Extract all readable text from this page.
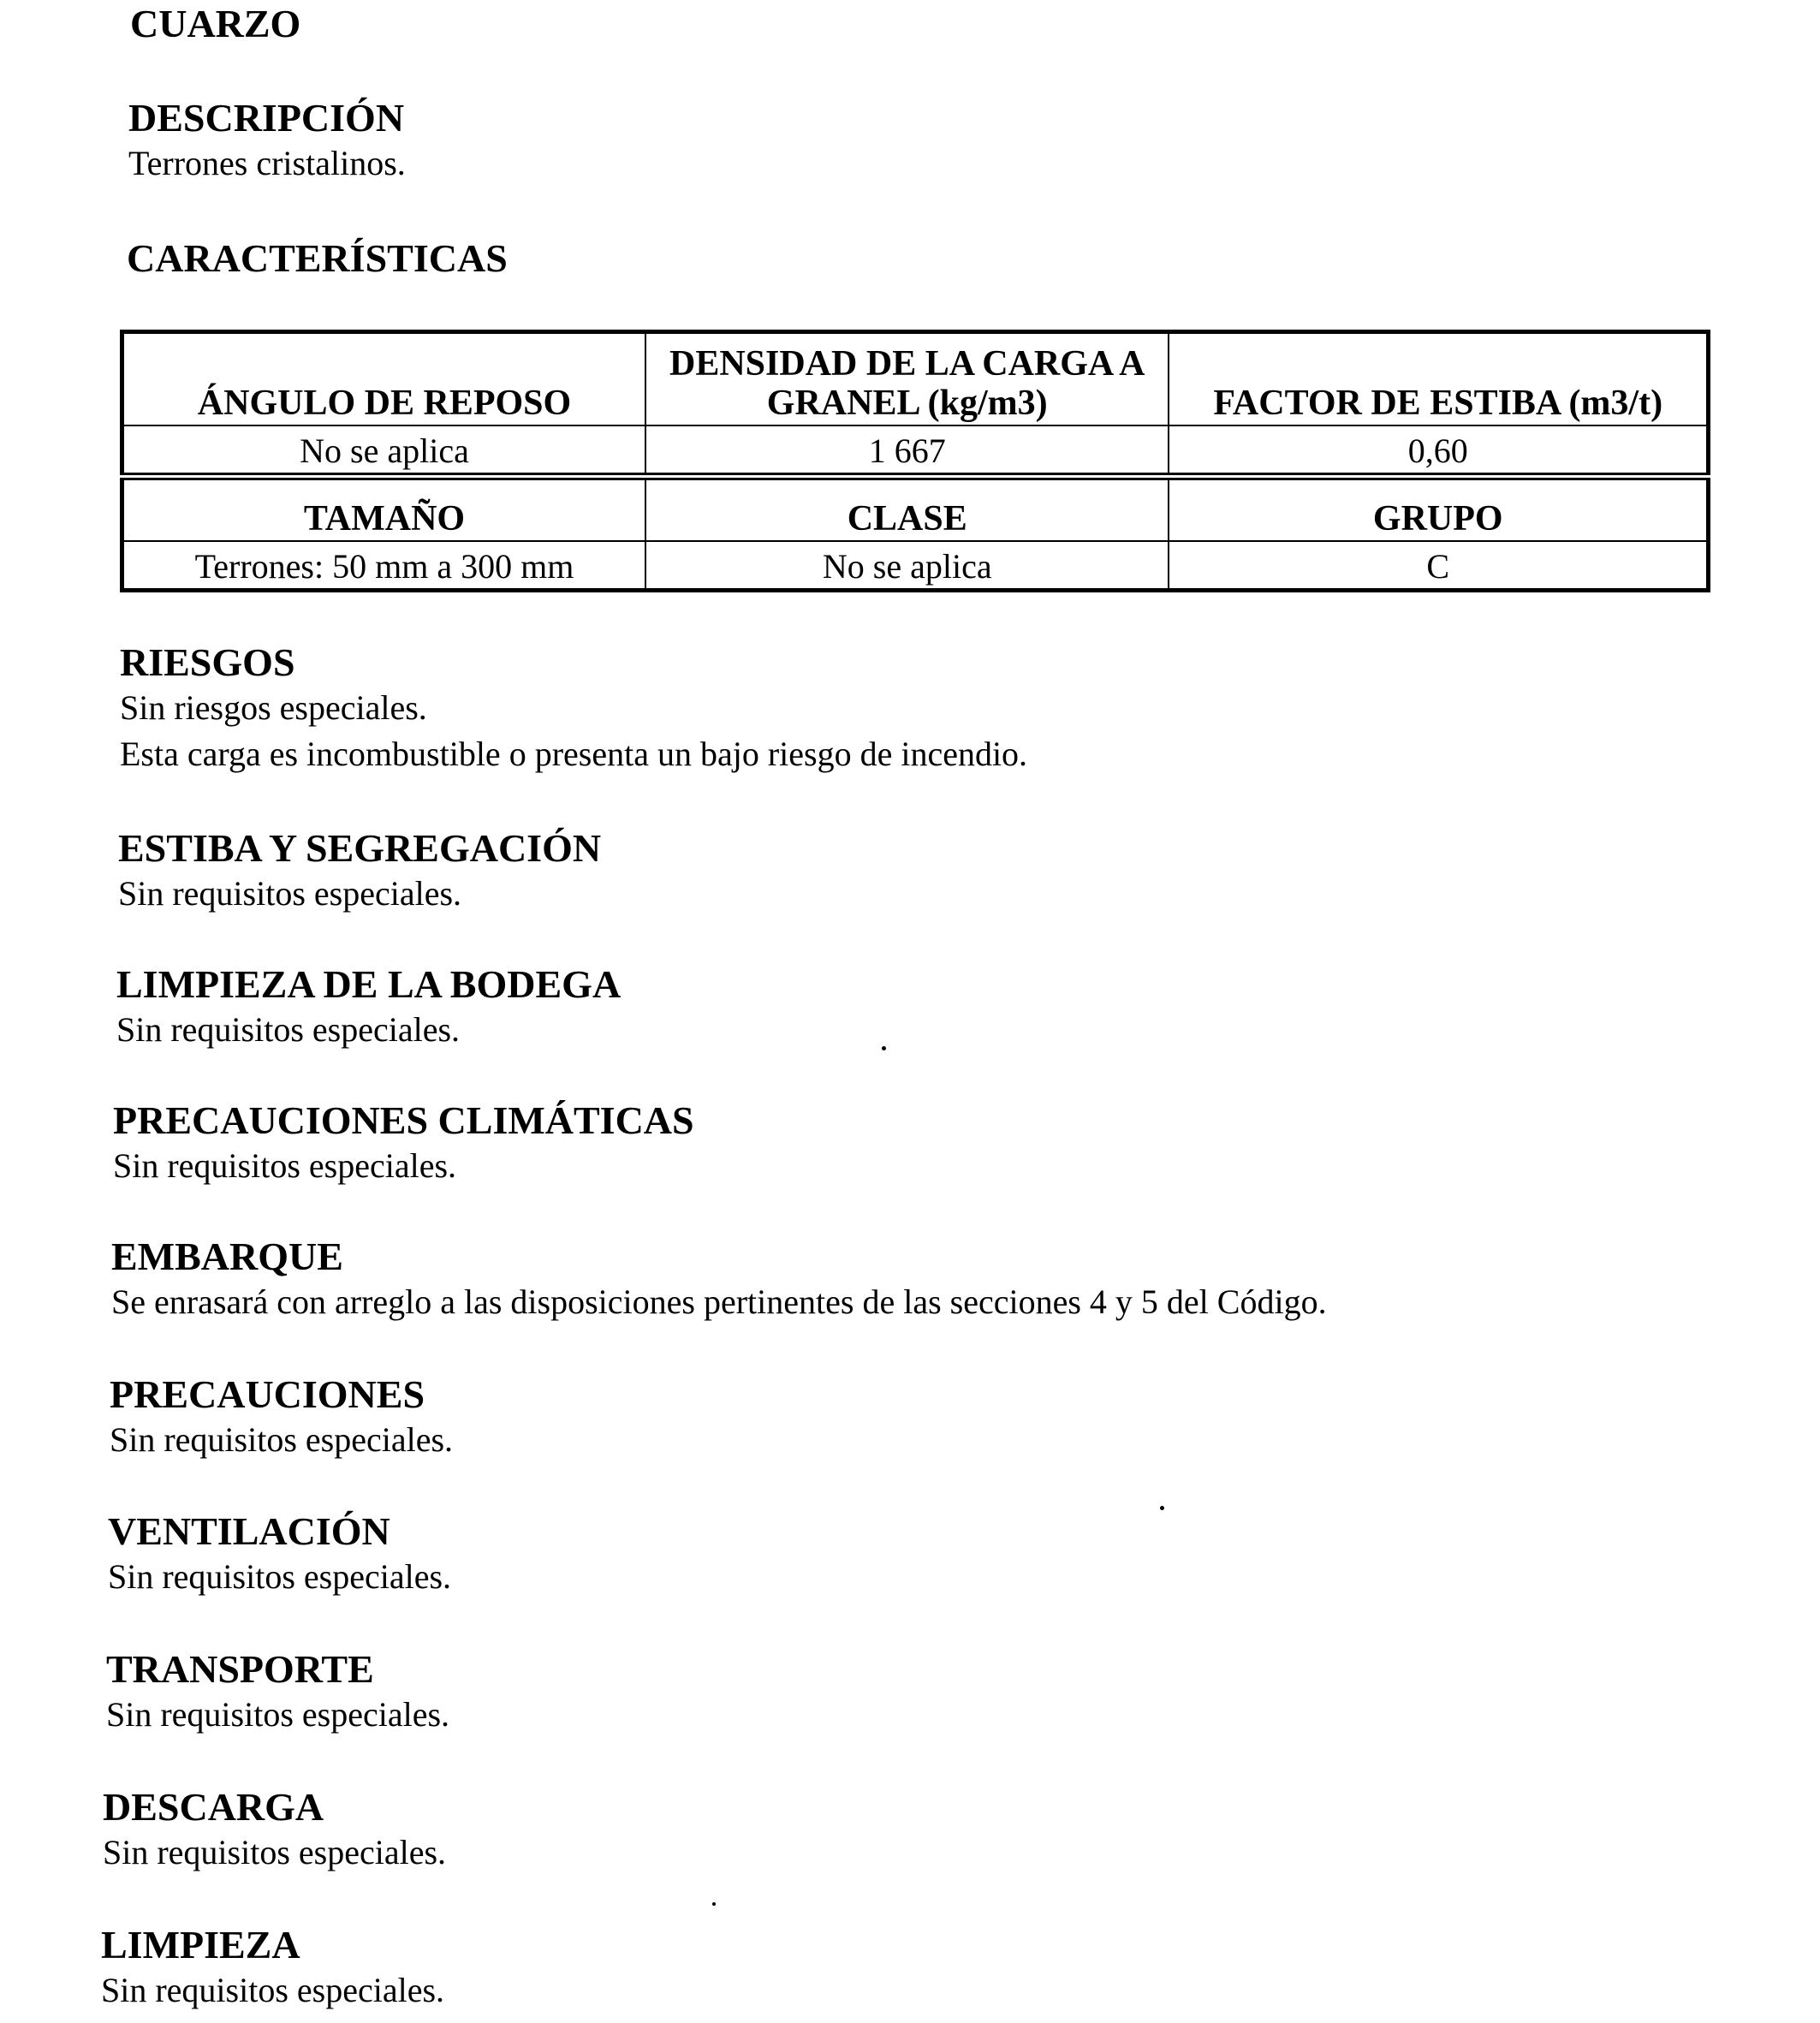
CUARZO
DESCRIPCIÓN

Terrones cristalinos.

CARACTERÍSTICAS
ÁNGULO DE REPOSO	DENSIDAD DE LA CARGA A GRANEL (kg/m3)	FACTOR DE ESTIBA (m3/t)
No se aplica	1 667	0,60
TAMAÑO	CLASE	GRUPO
Terrones: 50 mm a 300 mm	No se aplica	C
RIESGOS

Sin riesgos especiales.

Esta carga es incombustible o presenta un bajo riesgo de incendio.

ESTIBA Y SEGREGACIÓN

Sin requisitos especiales.

LIMPIEZA DE LA BODEGA

Sin requisitos especiales.

PRECAUCIONES CLIMÁTICAS

Sin requisitos especiales.

EMBARQUE

Se enrasará con arreglo a las disposiciones pertinentes de las secciones 4 y 5 del Código.

PRECAUCIONES

Sin requisitos especiales.

VENTILACIÓN

Sin requisitos especiales.

TRANSPORTE

Sin requisitos especiales.

DESCARGA

Sin requisitos especiales.

LIMPIEZA

Sin requisitos especiales.
